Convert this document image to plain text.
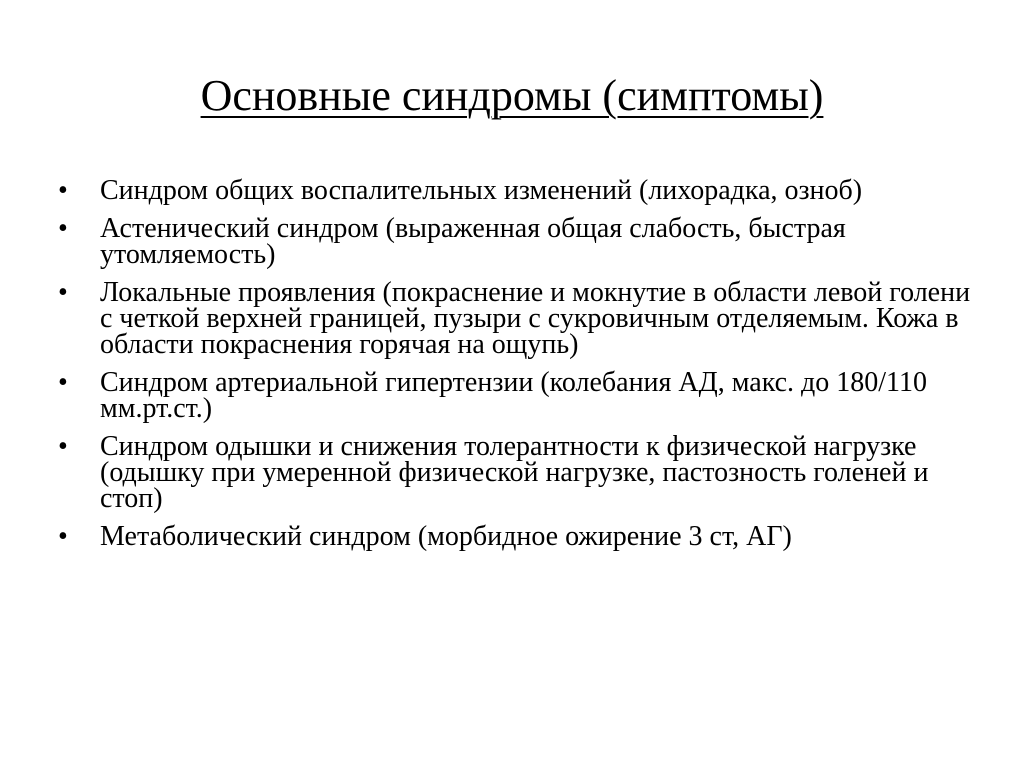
Основные синдромы (симптомы)
•	Синдром общих воспалительных изменений (лихорадка, озноб)
•	Астенический синдром (выраженная общая слабость, быстрая утомляемость)
•	Локальные проявления (покраснение и мокнутие в области левой голени с четкой верхней границей, пузыри с сукровичным отделяемым. Кожа в области покраснения горячая на ощупь)
•	Синдром артериальной гипертензии (колебания АД, макс. до 180/110 мм.рт.ст.)
•	Синдром одышки и снижения толерантности к физической нагрузке (одышку при умеренной физической нагрузке, пастозность голеней и стоп)
•	Метаболический синдром (морбидное ожирение 3 ст, АГ)
